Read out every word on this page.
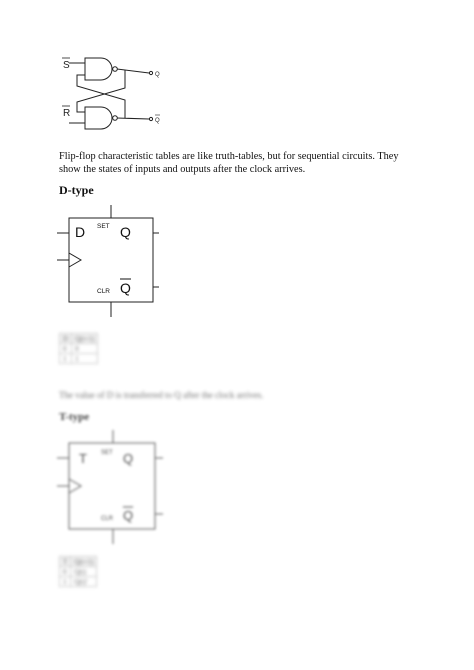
S
R
Q
Q
Flip-flop characteristic tables are like truth-tables, but for sequential circuits. They show the states of inputs and outputs after the clock arrives.
D-type
D SET Q
CLR Q
D	Q(t+1)
0	0
1	1
The value of D is transferred to Q after the clock arrives.
T-type
T SET Q
CLR Q
T	Q(t+1)
0	Q(t)
1	Q(t)'
